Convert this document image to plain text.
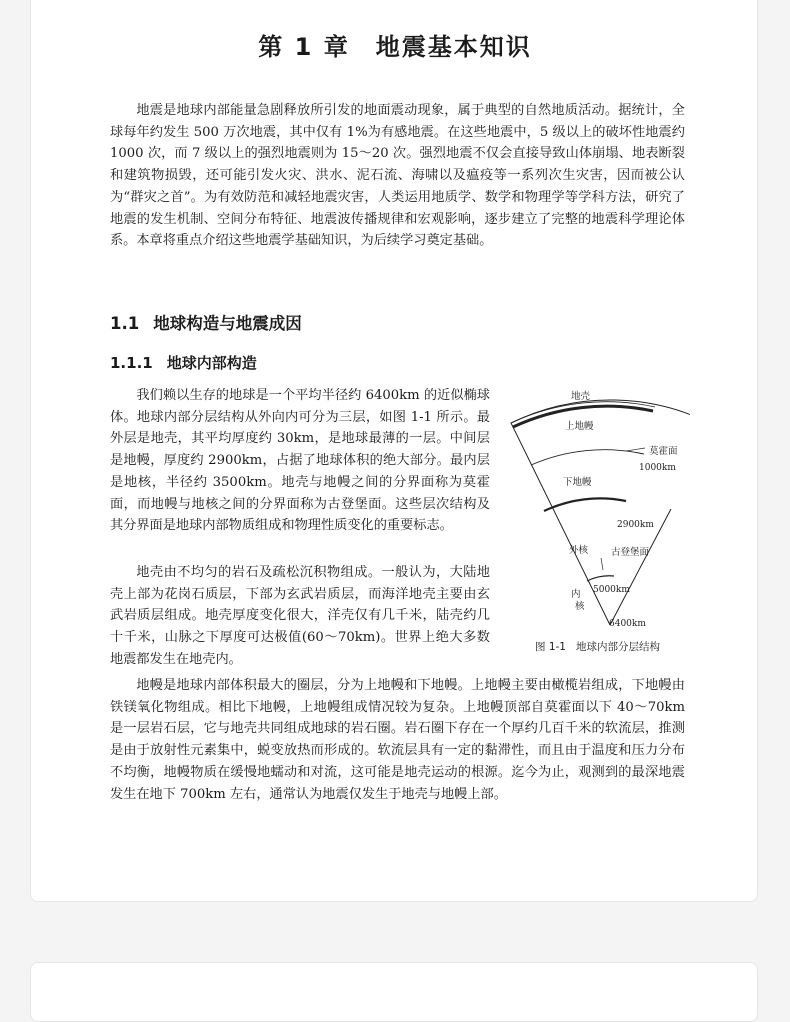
第 1 章　地震基本知识

地震是地球内部能量急剧释放所引发的地面震动现象，属于典型的自然地质活动。据统计，全球每年约发生 500 万次地震，其中仅有 1%为有感地震。在这些地震中，5 级以上的破坏性地震约 1000 次，而 7 级以上的强烈地震则为 15～20 次。强烈地震不仅会直接导致山体崩塌、地表断裂和建筑物损毁，还可能引发火灾、洪水、泥石流、海啸以及瘟疫等一系列次生灾害，因而被公认为“群灾之首”。为有效防范和减轻地震灾害，人类运用地质学、数学和物理学等学科方法，研究了地震的发生机制、空间分布特征、地震波传播规律和宏观影响，逐步建立了完整的地震科学理论体系。本章将重点介绍这些地震学基础知识，为后续学习奠定基础。

1.1 地球构造与地震成因
1.1.1 地球内部构造

我们赖以生存的地球是一个平均半径约 6400km 的近似椭球体。地球内部分层结构从外向内可分为三层，如图 1-1 所示。最外层是地壳，其平均厚度约 30km，是地球最薄的一层。中间层是地幔，厚度约 2900km，占据了地球体积的绝大部分。最内层是地核，半径约 3500km。地壳与地幔之间的分界面称为莫霍面，而地幔与地核之间的分界面称为古登堡面。这些层次结构及其分界面是地球内部物质组成和物理性质变化的重要标志。

地壳由不均匀的岩石及疏松沉积物组成。一般认为，大陆地壳上部为花岗石质层，下部为玄武岩质层，而海洋地壳主要由玄武岩质层组成。地壳厚度变化很大，洋壳仅有几千米，陆壳约几十千米，山脉之下厚度可达极值(60～70km)。世界上绝大多数地震都发生在地壳内。

地幔是地球内部体积最大的圈层，分为上地幔和下地幔。上地幔主要由橄榄岩组成，下地幔由铁镁氧化物组成。相比下地幔，上地幔组成情况较为复杂。上地幔顶部自莫霍面以下 40～70km 是一层岩石层，它与地壳共同组成地球的岩石圈。岩石圈下存在一个厚约几百千米的软流层，推测是由于放射性元素集中，蜕变放热而形成的。软流层具有一定的黏滞性，而且由于温度和压力分布不均衡，地幔物质在缓慢地蠕动和对流，这可能是地壳运动的根源。迄今为止，观测到的最深地震发生在地下 700km 左右，通常认为地震仅发生于地壳与地幔上部。

地壳
上地幔
莫霍面
1000km
下地幔
2900km
外核 古登堡面
内
核
5000km
6400km

图 1-1 地球内部分层结构
